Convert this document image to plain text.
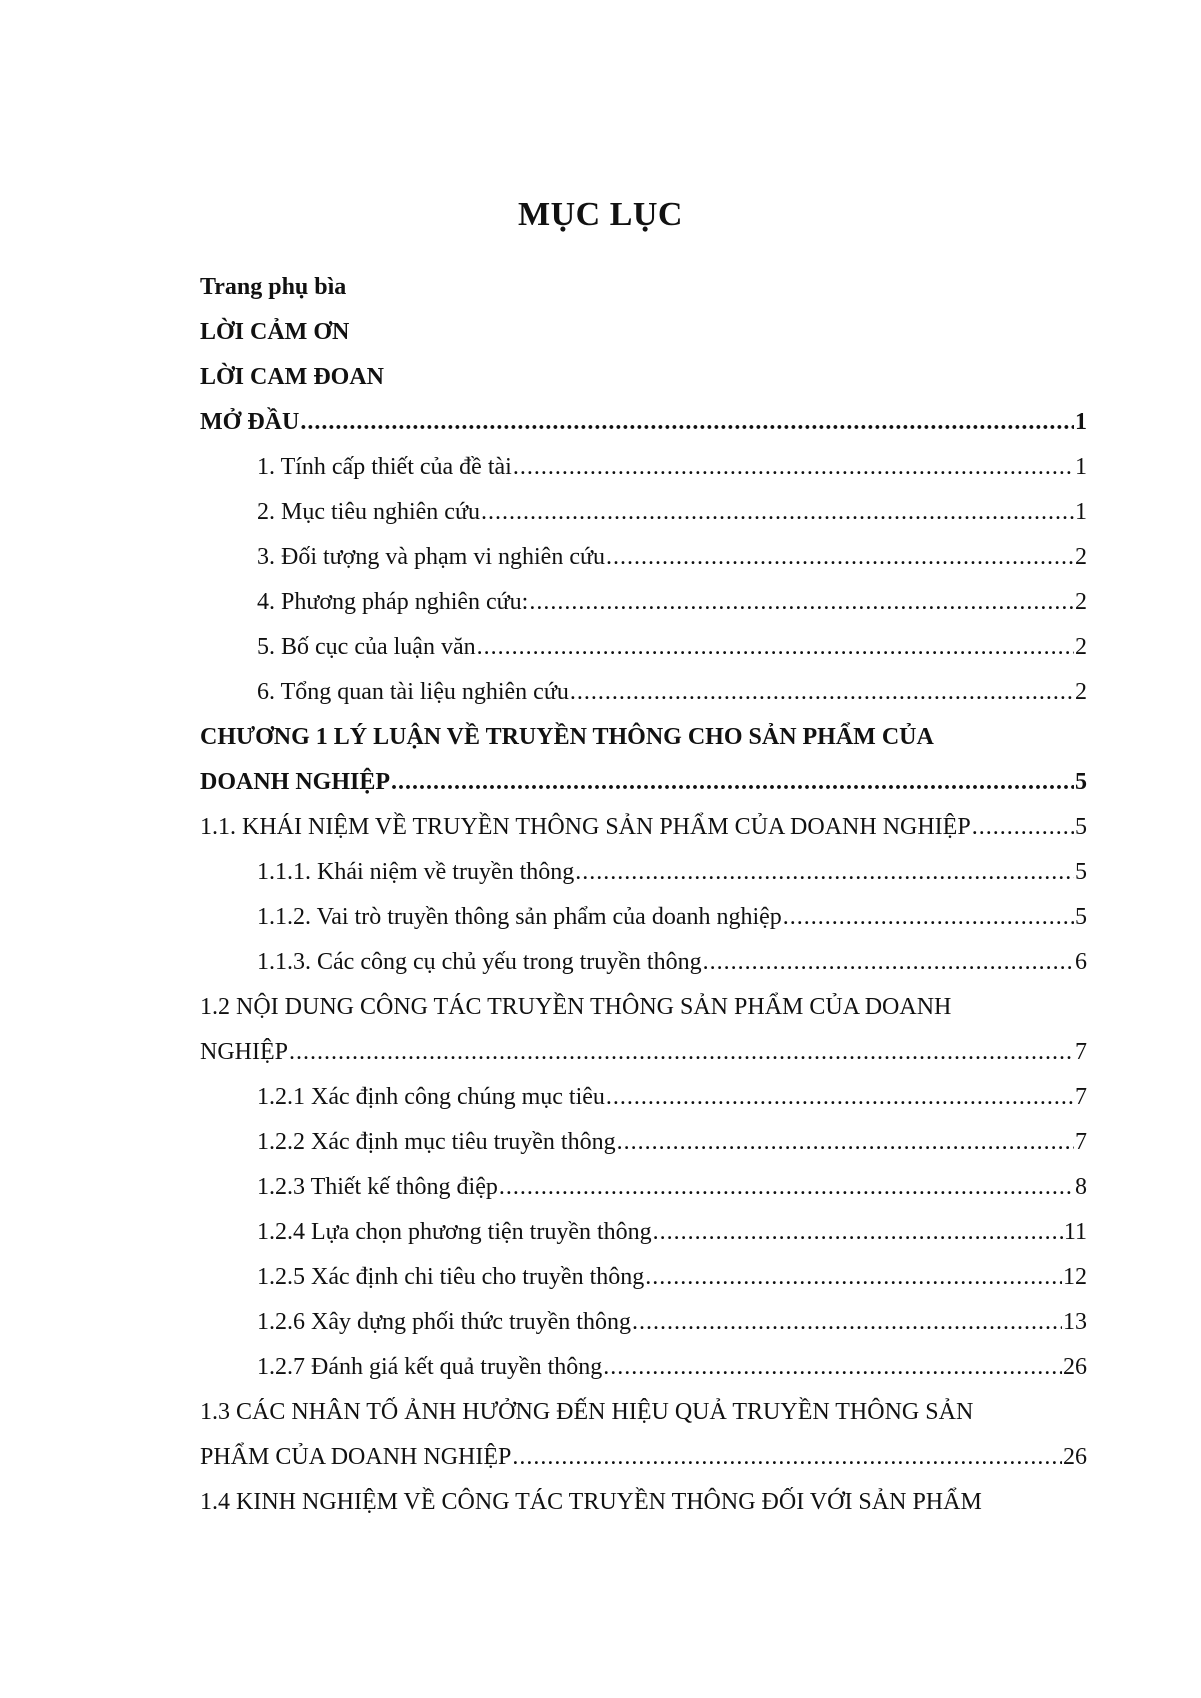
MỤC LỤC
Trang phụ bìa
LỜI CẢM ƠN
LỜI CAM ĐOAN
MỞ ĐẦU .....	1
1. Tính cấp thiết của đề tài .....	1
2. Mục tiêu nghiên cứu .....	1
3. Đối tượng và phạm vi nghiên cứu .....	2
4. Phương pháp nghiên cứu: .....	2
5. Bố cục của luận văn .....	2
6. Tổng quan tài liệu nghiên cứu .....	2
CHƯƠNG 1 LÝ LUẬN VỀ TRUYỀN THÔNG CHO SẢN PHẨM CỦA
DOANH NGHIỆP .....	5
1.1. KHÁI NIỆM VỀ TRUYỀN THÔNG SẢN PHẨM CỦA DOANH NGHIỆP .....	5
1.1.1. Khái niệm về truyền thông .....	5
1.1.2. Vai trò truyền thông sản phẩm của doanh nghiệp .....	5
1.1.3. Các công cụ chủ yếu trong truyền thông .....	6
1.2 NỘI DUNG CÔNG TÁC TRUYỀN THÔNG SẢN PHẨM CỦA DOANH
NGHIỆP .....	7
1.2.1 Xác định công chúng mục tiêu .....	7
1.2.2 Xác định mục tiêu truyền thông .....	7
1.2.3 Thiết kế thông điệp .....	8
1.2.4 Lựa chọn phương tiện truyền thông .....	11
1.2.5 Xác định chi tiêu cho truyền thông .....	12
1.2.6 Xây dựng phối thức truyền thông .....	13
1.2.7 Đánh giá kết quả truyền thông .....	26
1.3 CÁC NHÂN TỐ ẢNH HƯỞNG ĐẾN HIỆU QUẢ TRUYỀN THÔNG SẢN
PHẨM CỦA DOANH NGHIỆP .....	26
1.4 KINH NGHIỆM VỀ CÔNG TÁC TRUYỀN THÔNG ĐỐI VỚI SẢN PHẨM
